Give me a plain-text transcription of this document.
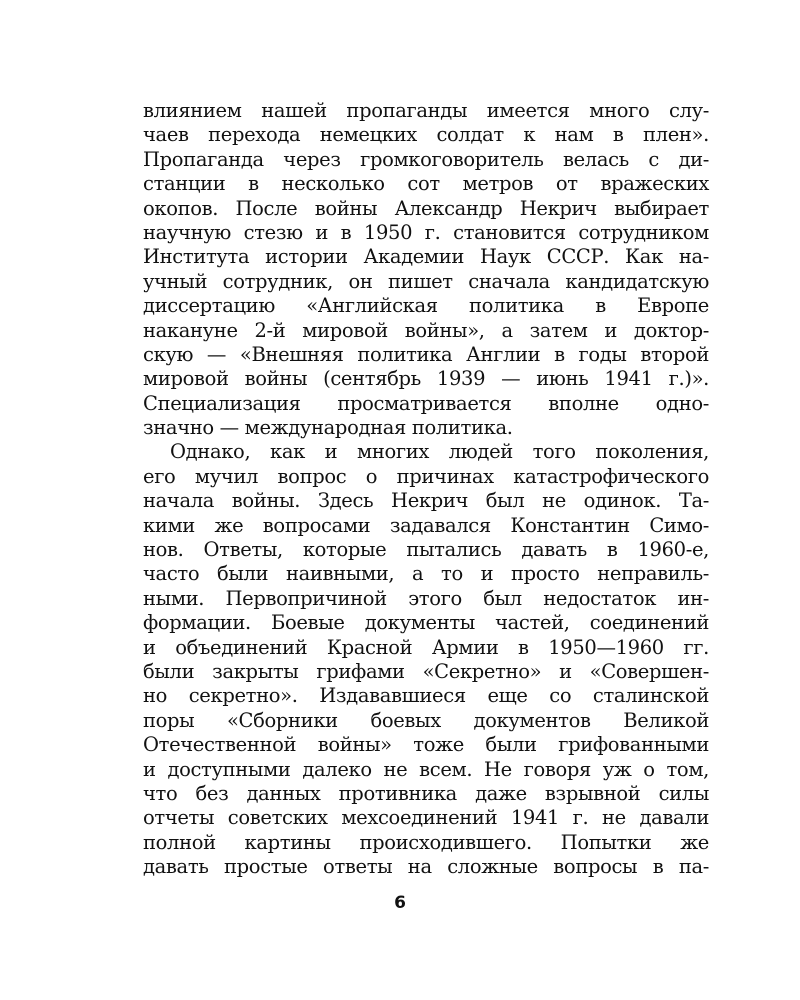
влиянием нашей пропаганды имеется много слу-
чаев перехода немецких солдат к нам в плен».
Пропаганда через громкоговоритель велась с ди-
станции в несколько сот метров от вражеских
окопов. После войны Александр Некрич выбирает
научную стезю и в 1950 г. становится сотрудником
Института истории Академии Наук СССР. Как на-
учный сотрудник, он пишет сначала кандидатскую
диссертацию «Английская политика в Европе
накануне 2-й мировой войны», а затем и доктор-
скую — «Внешняя политика Англии в годы второй
мировой войны (сентябрь 1939 — июнь 1941 г.)».
Специализация просматривается вполне одно-
значно — международная политика.
Однако, как и многих людей того поколения,
его мучил вопрос о причинах катастрофического
начала войны. Здесь Некрич был не одинок. Та-
кими же вопросами задавался Константин Симо-
нов. Ответы, которые пытались давать в 1960-е,
часто были наивными, а то и просто неправиль-
ными. Первопричиной этого был недостаток ин-
формации. Боевые документы частей, соединений
и объединений Красной Армии в 1950—1960 гг.
были закрыты грифами «Секретно» и «Совершен-
но секретно». Издававшиеся еще со сталинской
поры «Сборники боевых документов Великой
Отечественной войны» тоже были грифованными
и доступными далеко не всем. Не говоря уж о том,
что без данных противника даже взрывной силы
отчеты советских мехсоединений 1941 г. не давали
полной картины происходившего. Попытки же
давать простые ответы на сложные вопросы в па-
6
